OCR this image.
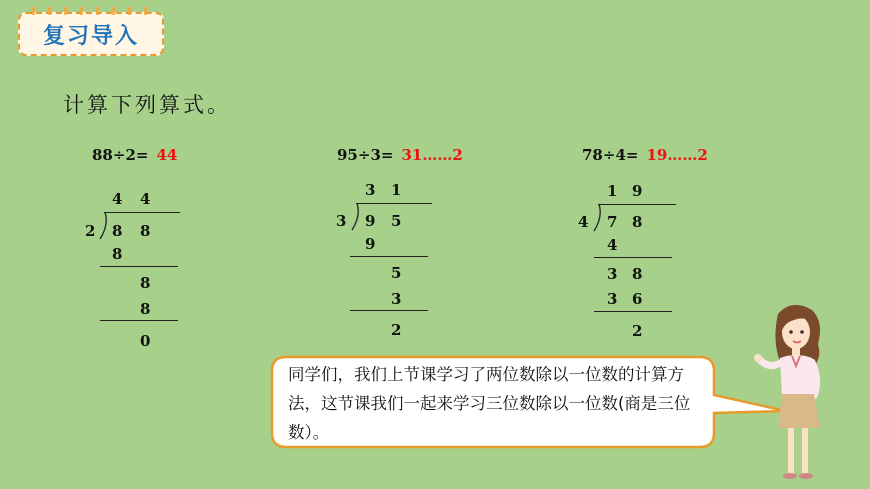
复习导入
计算下列算式。
88÷2= 44
4 4
2 8 8
8
8
8
0
95÷3= 31……2
3 1
3 9 5
9
5
3
2
78÷4= 19……2
1 9
4 7 8
4
3 8
3 6
2
同学们，我们上节课学习了两位数除以一位数的计算方法，这节课我们一起来学习三位数除以一位数(商是三位数）。
